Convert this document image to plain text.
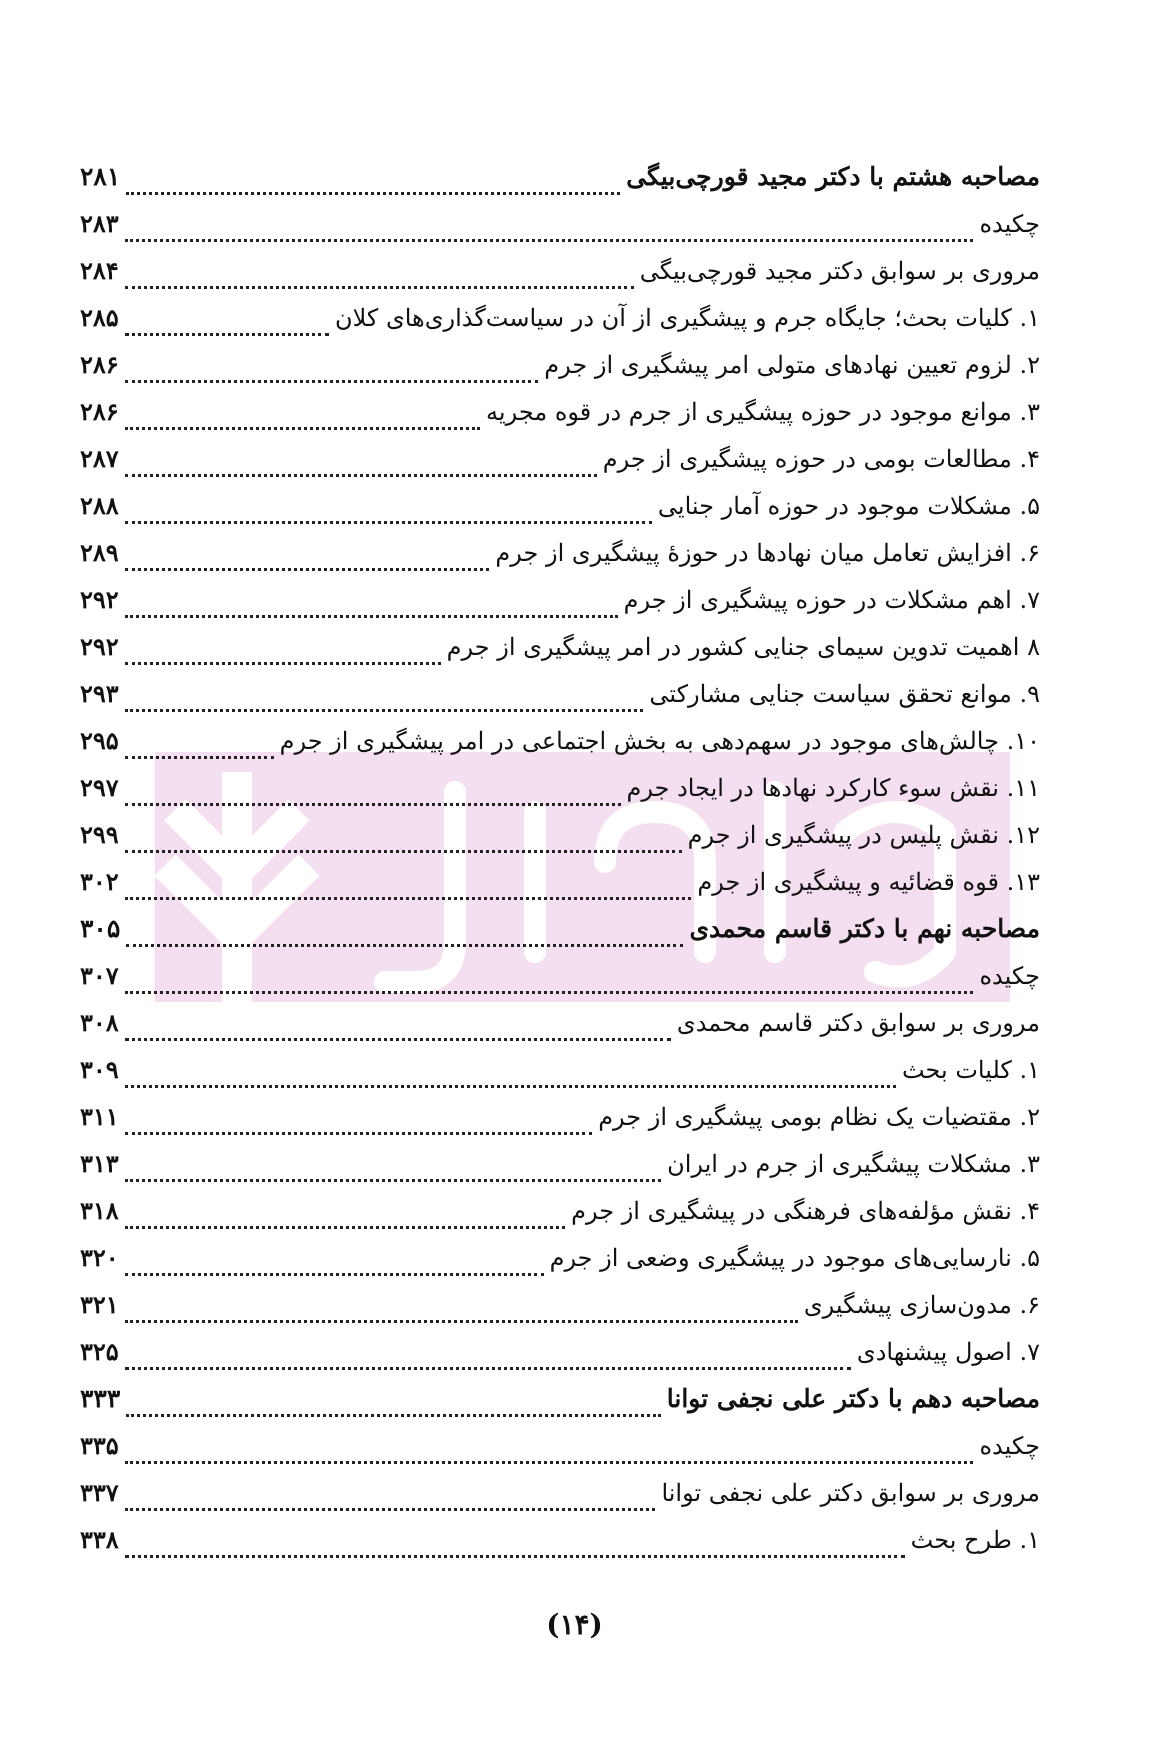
مصاحبه هشتم با دکتر مجید قورچی‌بیگی
۲۸۱
چکیده
۲۸۳
مروری بر سوابق دکتر مجید قورچی‌بیگی
۲۸۴
۱. کلیات بحث؛ جایگاه جرم و پیشگیری از آن در سیاست‌گذاری‌های کلان
۲۸۵
۲. لزوم تعیین نهادهای متولی امر پیشگیری از جرم
۲۸۶
۳. موانع موجود در حوزه پیشگیری از جرم در قوه مجریه
۲۸۶
۴. مطالعات بومی در حوزه پیشگیری از جرم
۲۸۷
۵. مشکلات موجود در حوزه آمار جنایی
۲۸۸
۶. افزایش تعامل میان نهادها در حوزهٔ پیشگیری از جرم
۲۸۹
۷. اهم مشکلات در حوزه پیشگیری از جرم
۲۹۲
۸ اهمیت تدوین سیمای جنایی کشور در امر پیشگیری از جرم
۲۹۲
۹. موانع تحقق سیاست جنایی مشارکتی
۲۹۳
۱۰. چالش‌های موجود در سهم‌دهی به بخش اجتماعی در امر پیشگیری از جرم
۲۹۵
۱۱. نقش سوء کارکرد نهادها در ایجاد جرم
۲۹۷
۱۲. نقش پلیس در پیشگیری از جرم
۲۹۹
۱۳. قوه قضائیه و پیشگیری از جرم
۳۰۲
مصاحبه نهم با دکتر قاسم محمدی
۳۰۵
چکیده
۳۰۷
مروری بر سوابق دکتر قاسم محمدی
۳۰۸
۱. کلیات بحث
۳۰۹
۲. مقتضیات یک نظام بومی پیشگیری از جرم
۳۱۱
۳. مشکلات پیشگیری از جرم در ایران
۳۱۳
۴. نقش مؤلفه‌های فرهنگی در پیشگیری از جرم
۳۱۸
۵. نارسایی‌های موجود در پیشگیری وضعی از جرم
۳۲۰
۶. مدون‌سازی پیشگیری
۳۲۱
۷. اصول پیشنهادی
۳۲۵
مصاحبه دهم با دکتر علی نجفی توانا
۳۳۳
چکیده
۳۳۵
مروری بر سوابق دکتر علی نجفی توانا
۳۳۷
۱. طرح بحث
۳۳۸
(۱۴)
